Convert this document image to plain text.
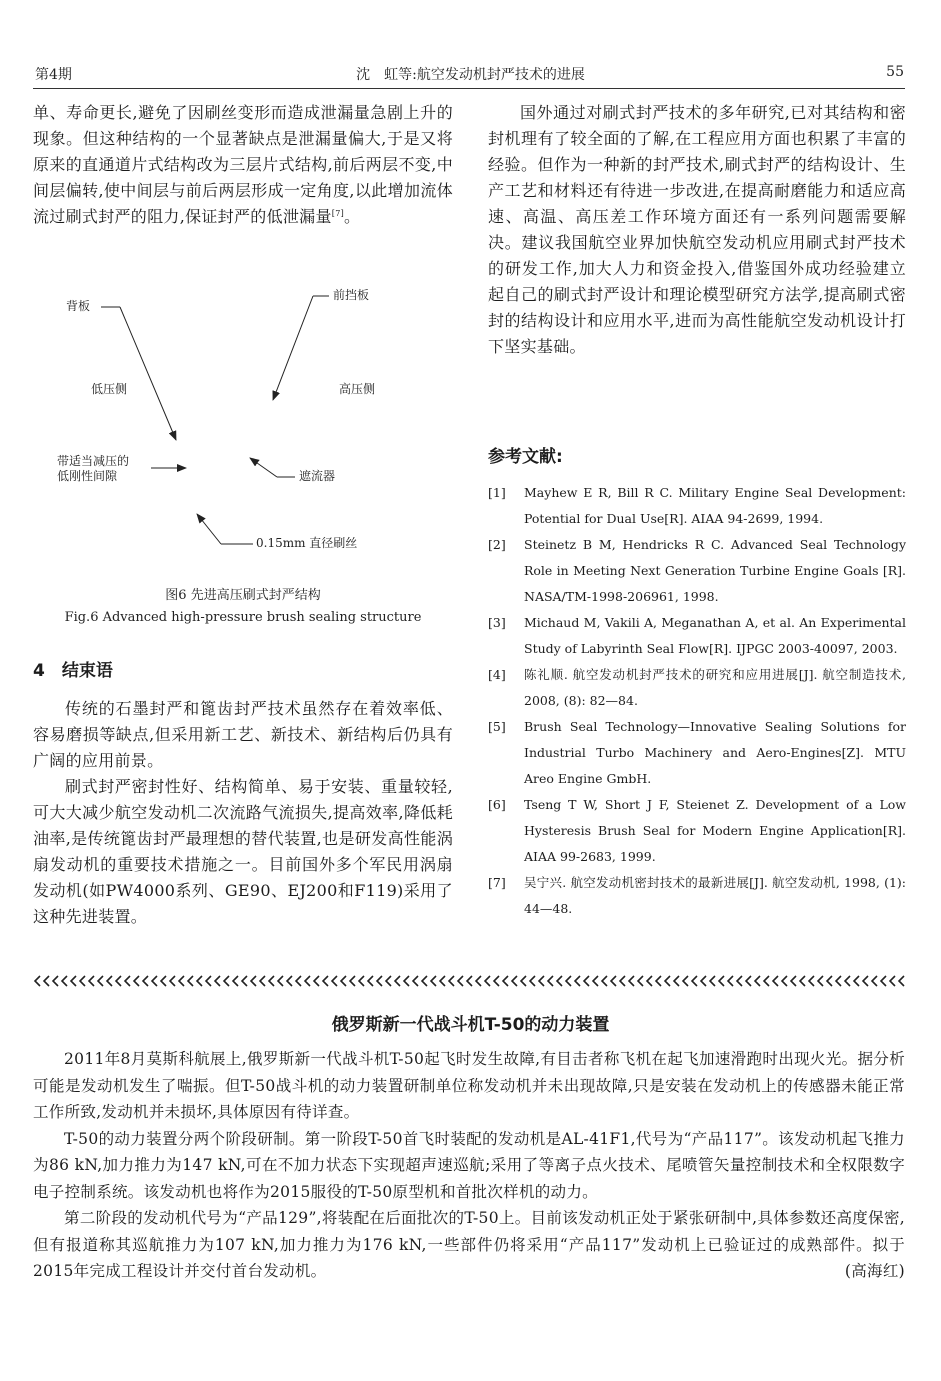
第4期	沈　虹等:航空发动机封严技术的进展	55

单、寿命更长,避免了因刷丝变形而造成泄漏量急剧上升的现象。但这种结构的一个显著缺点是泄漏量偏大,于是又将原来的直通道片式结构改为三层片式结构,前后两层不变,中间层偏转,使中间层与前后两层形成一定角度,以此增加流体流过刷式封严的阻力,保证封严的低泄漏量[7]。

背板
前挡板
低压侧	高压侧
带适当减压的
低刚性间隙	遮流器
0.15mm 直径刷丝
图6 先进高压刷式封严结构
Fig.6 Advanced high-pressure brush sealing structure
4　结束语

传统的石墨封严和篦齿封严技术虽然存在着效率低、容易磨损等缺点,但采用新工艺、新技术、新结构后仍具有广阔的应用前景。

刷式封严密封性好、结构简单、易于安装、重量较轻,可大大减少航空发动机二次流路气流损失,提高效率,降低耗油率,是传统篦齿封严最理想的替代装置,也是研发高性能涡扇发动机的重要技术措施之一。目前国外多个军民用涡扇发动机(如PW4000系列、GE90、EJ200和F119)采用了这种先进装置。

国外通过对刷式封严技术的多年研究,已对其结构和密封机理有了较全面的了解,在工程应用方面也积累了丰富的经验。但作为一种新的封严技术,刷式封严的结构设计、生产工艺和材料还有待进一步改进,在提高耐磨能力和适应高速、高温、高压差工作环境方面还有一系列问题需要解决。建议我国航空业界加快航空发动机应用刷式封严技术的研发工作,加大人力和资金投入,借鉴国外成功经验建立起自己的刷式封严设计和理论模型研究方法学,提高刷式密封的结构设计和应用水平,进而为高性能航空发动机设计打下坚实基础。

参考文献:
[1]	Mayhew E R, Bill R C. Military Engine Seal Development: Potential for Dual Use[R]. AIAA 94-2699, 1994.
[2]	Steinetz B M, Hendricks R C. Advanced Seal Technology Role in Meeting Next Generation Turbine Engine Goals [R]. NASA/TM-1998-206961, 1998.
[3]	Michaud M, Vakili A, Meganathan A, et al. An Experimental Study of Labyrinth Seal Flow[R]. IJPGC 2003-40097, 2003.
[4]	陈礼顺. 航空发动机封严技术的研究和应用进展[J]. 航空制造技术, 2008, (8): 82—84.
[5]	Brush Seal Technology—Innovative Sealing Solutions for Industrial Turbo Machinery and Aero-Engines[Z]. MTU Areo Engine GmbH.
[6]	Tseng T W, Short J F, Steienet Z. Development of a Low Hysteresis Brush Seal for Modern Engine Application[R]. AIAA 99-2683, 1999.
[7]	吴宁兴. 航空发动机密封技术的最新进展[J]. 航空发动机, 1998, (1): 44—48.
俄罗斯新一代战斗机T-50的动力装置

2011年8月莫斯科航展上,俄罗斯新一代战斗机T-50起飞时发生故障,有目击者称飞机在起飞加速滑跑时出现火光。据分析可能是发动机发生了喘振。但T-50战斗机的动力装置研制单位称发动机并未出现故障,只是安装在发动机上的传感器未能正常工作所致,发动机并未损坏,具体原因有待详查。

T-50的动力装置分两个阶段研制。第一阶段T-50首飞时装配的发动机是AL-41F1,代号为“产品117”。该发动机起飞推力为86 kN,加力推力为147 kN,可在不加力状态下实现超声速巡航;采用了等离子点火技术、尾喷管矢量控制技术和全权限数字电子控制系统。该发动机也将作为2015服役的T-50原型机和首批次样机的动力。

第二阶段的发动机代号为“产品129”,将装配在后面批次的T-50上。目前该发动机正处于紧张研制中,具体参数还高度保密,但有报道称其巡航推力为107 kN,加力推力为176 kN,一些部件仍将采用“产品117”发动机上已验证过的成熟部件。拟于2015年完成工程设计并交付首台发动机。	(高海红)
